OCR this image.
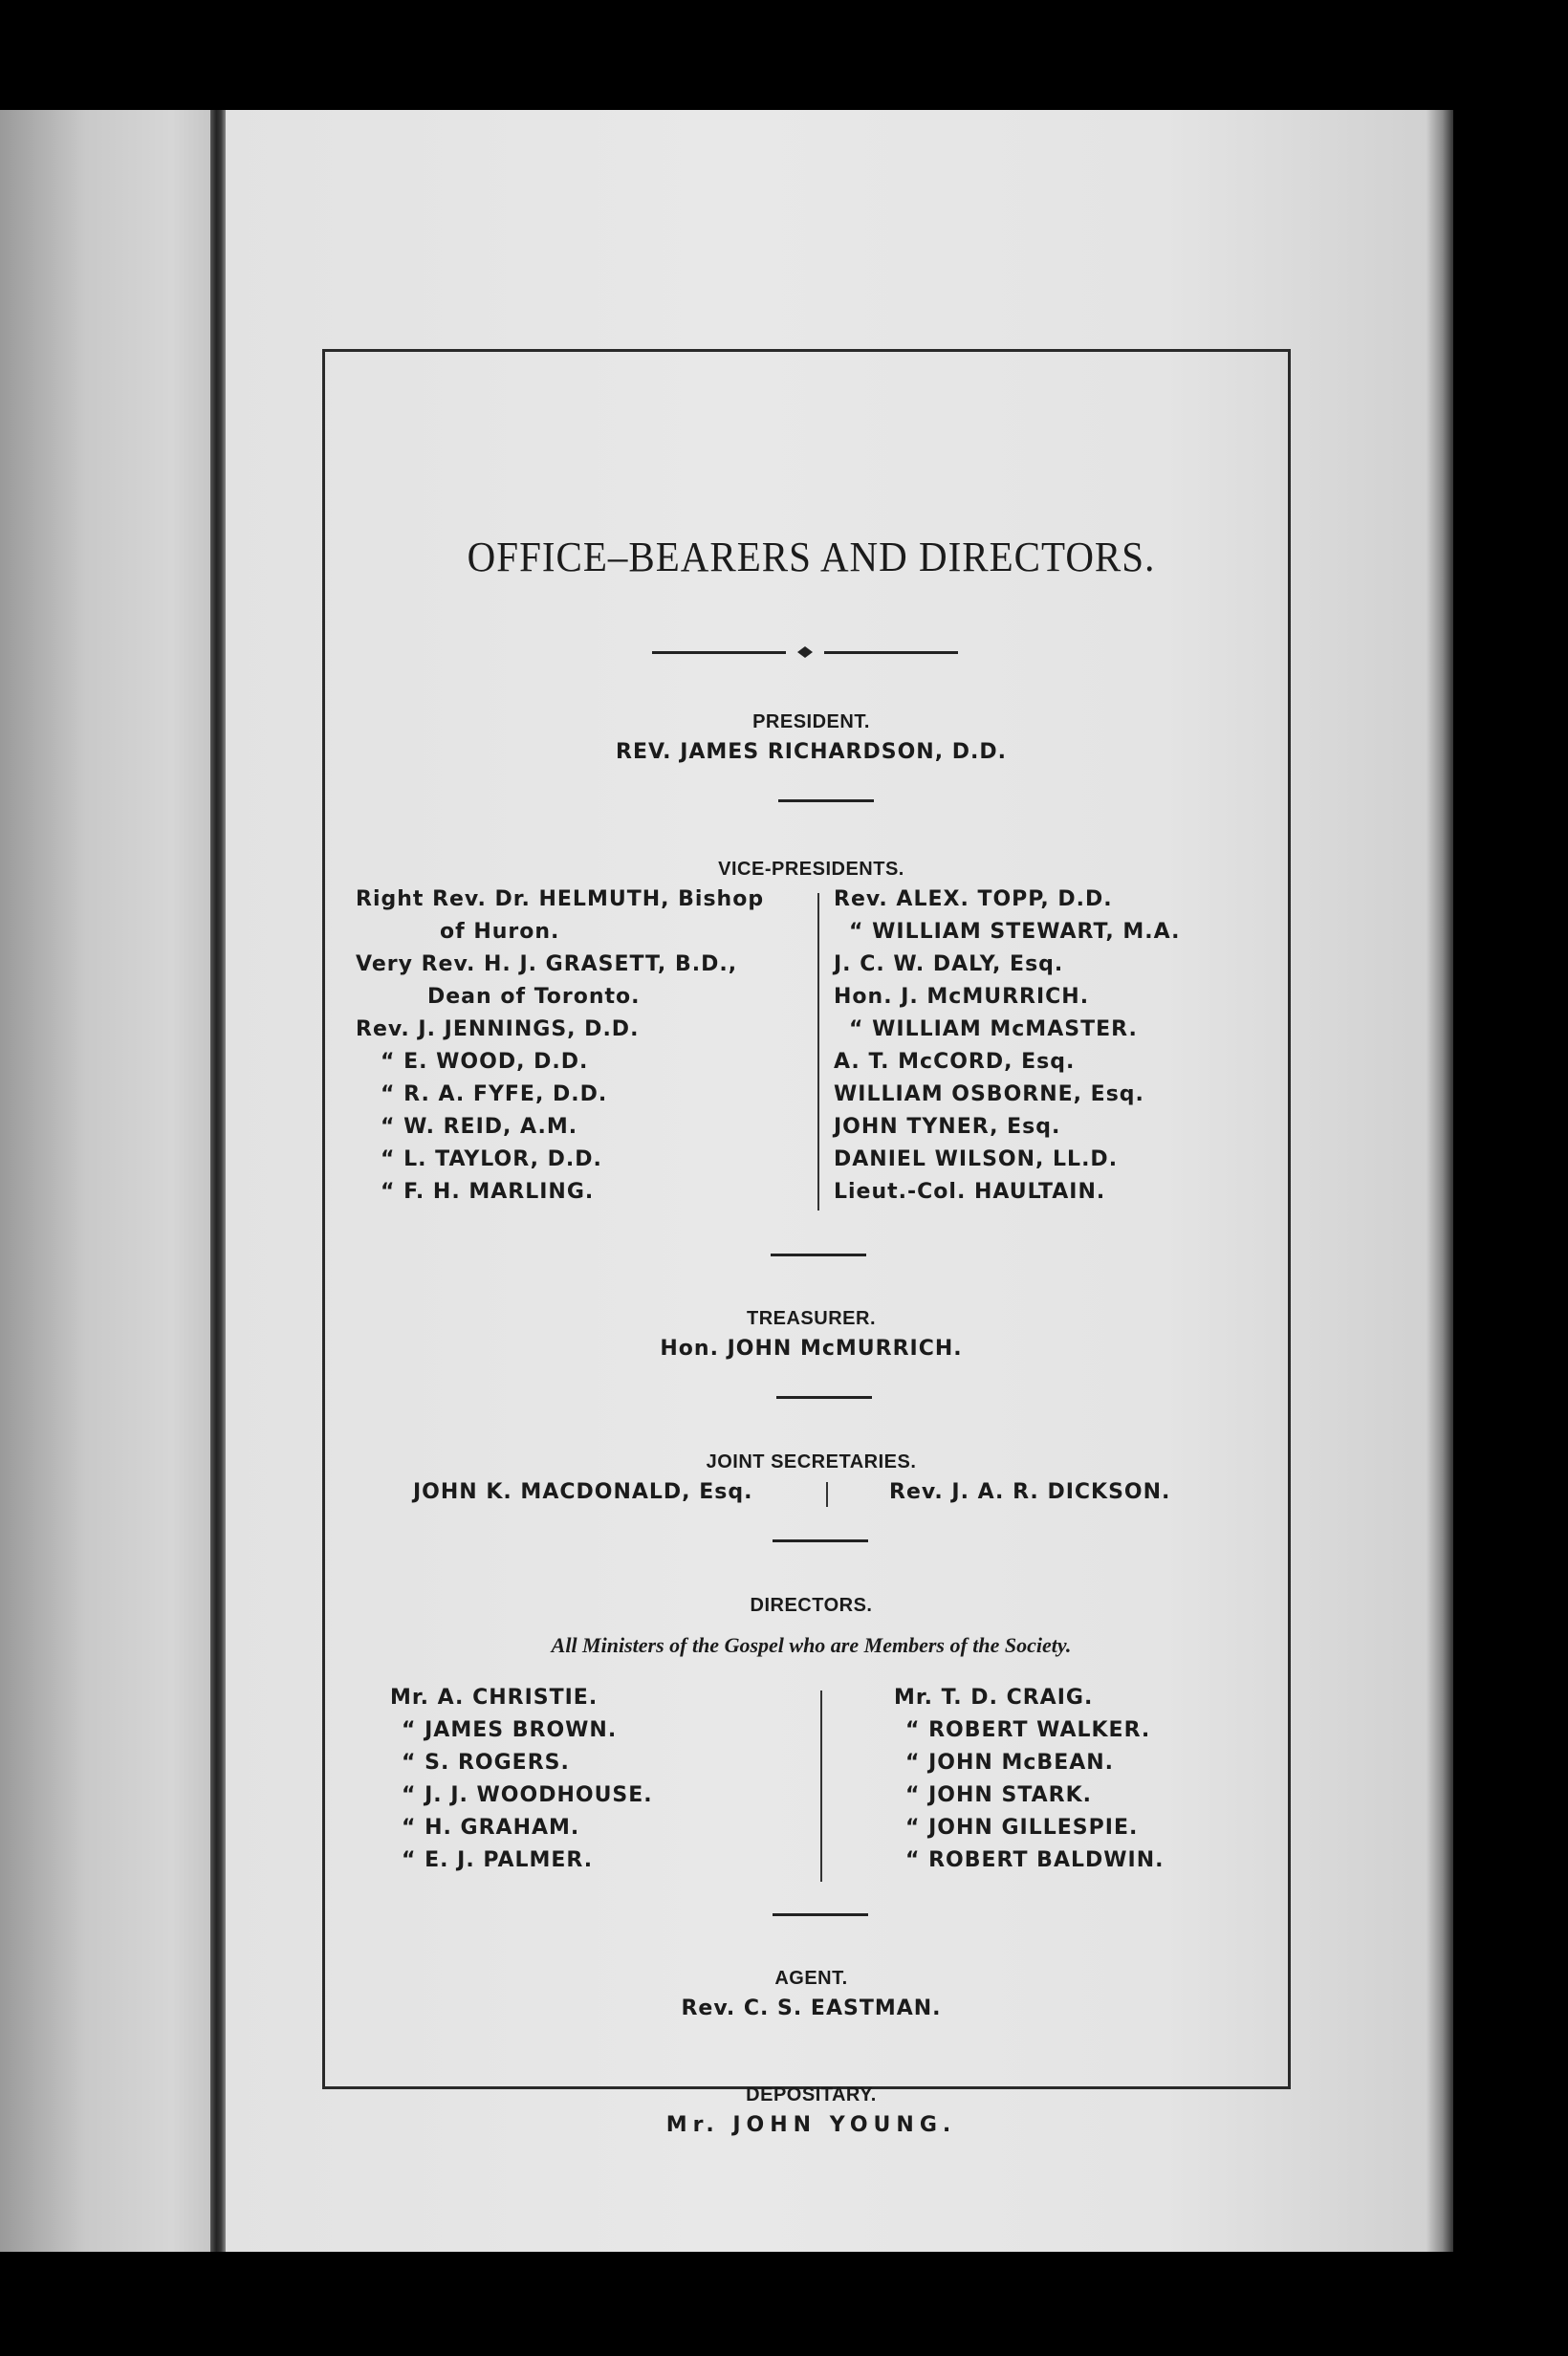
OFFICE–BEARERS AND DIRECTORS.
PRESIDENT.
REV. JAMES RICHARDSON, D.D.
VICE-PRESIDENTS.
Right Rev. Dr. HELMUTH, Bishop
of Huron.
Very Rev. H. J. GRASETT, B.D.,
Dean of Toronto.
Rev. J. JENNINGS, D.D.
“ E. WOOD, D.D.
“ R. A. FYFE, D.D.
“ W. REID, A.M.
“ L. TAYLOR, D.D.
“ F. H. MARLING.
Rev. ALEX. TOPP, D.D.
“ WILLIAM STEWART, M.A.
J. C. W. DALY, Esq.
Hon. J. McMURRICH.
“ WILLIAM McMASTER.
A. T. McCORD, Esq.
WILLIAM OSBORNE, Esq.
JOHN TYNER, Esq.
DANIEL WILSON, LL.D.
Lieut.-Col. HAULTAIN.
TREASURER.
Hon. JOHN McMURRICH.
JOINT SECRETARIES.
JOHN K. MACDONALD, Esq.	Rev. J. A. R. DICKSON.
DIRECTORS.
All Ministers of the Gospel who are Members of the Society.
Mr. A. CHRISTIE.
“ JAMES BROWN.
“ S. ROGERS.
“ J. J. WOODHOUSE.
“ H. GRAHAM.
“ E. J. PALMER.
Mr. T. D. CRAIG.
“ ROBERT WALKER.
“ JOHN McBEAN.
“ JOHN STARK.
“ JOHN GILLESPIE.
“ ROBERT BALDWIN.
AGENT.
Rev. C. S. EASTMAN.
DEPOSITARY.
Mr. JOHN YOUNG.
